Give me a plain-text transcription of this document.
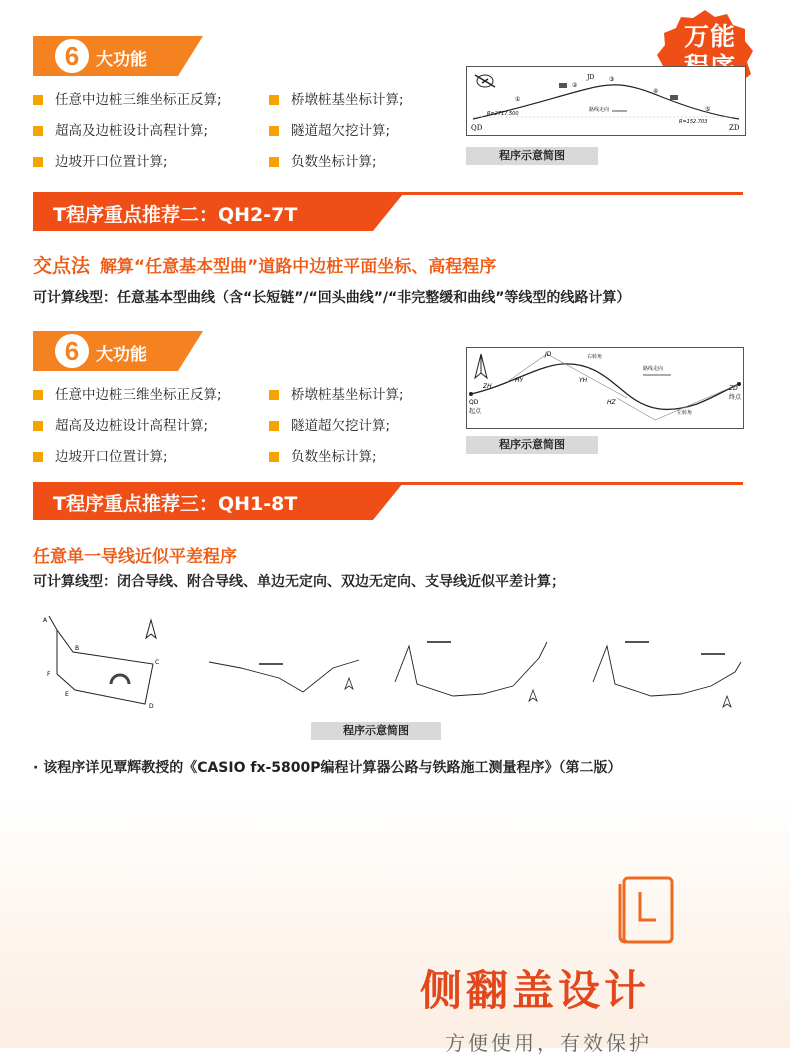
万能
6 大功能
任意中边桩三维坐标正反算;
超高及边桩设计高程计算;
边坡开口位置计算;
桥墩桩基坐标计算;
隧道超欠挖计算;
负数坐标计算;
QD	ZD
JD
①
②
③
④
⑤
R=2717.500
R=152.703
路线走向
程序示意简图
T程序重点推荐二：QH2-7T
交点法 解算“任意基本型曲”道路中边桩平面坐标、高程程序
可计算线型：任意基本型曲线（含“长短链”/“回头曲线”/“非完整缓和曲线”等线型的线路计算）
6 大功能
任意中边桩三维坐标正反算;
超高及边桩设计高程计算;
边坡开口位置计算;
桥墩桩基坐标计算;
隧道超欠挖计算;
负数坐标计算;
QD
起点
ZH
HY	YH
HZ
JD	右转角
路线走向
左转角
ZD
终点
程序示意简图
T程序重点推荐三：QH1-8T
任意单一导线近似平差程序
可计算线型：闭合导线、附合导线、单边无定向、双边无定向、支导线近似平差计算；
A
B
C
D
E
F
程序示意简图
· 该程序详见覃辉教授的《CASIO fx-5800P编程计算器公路与铁路施工测量程序》（第二版）
侧翻盖设计
方便使用，有效保护
